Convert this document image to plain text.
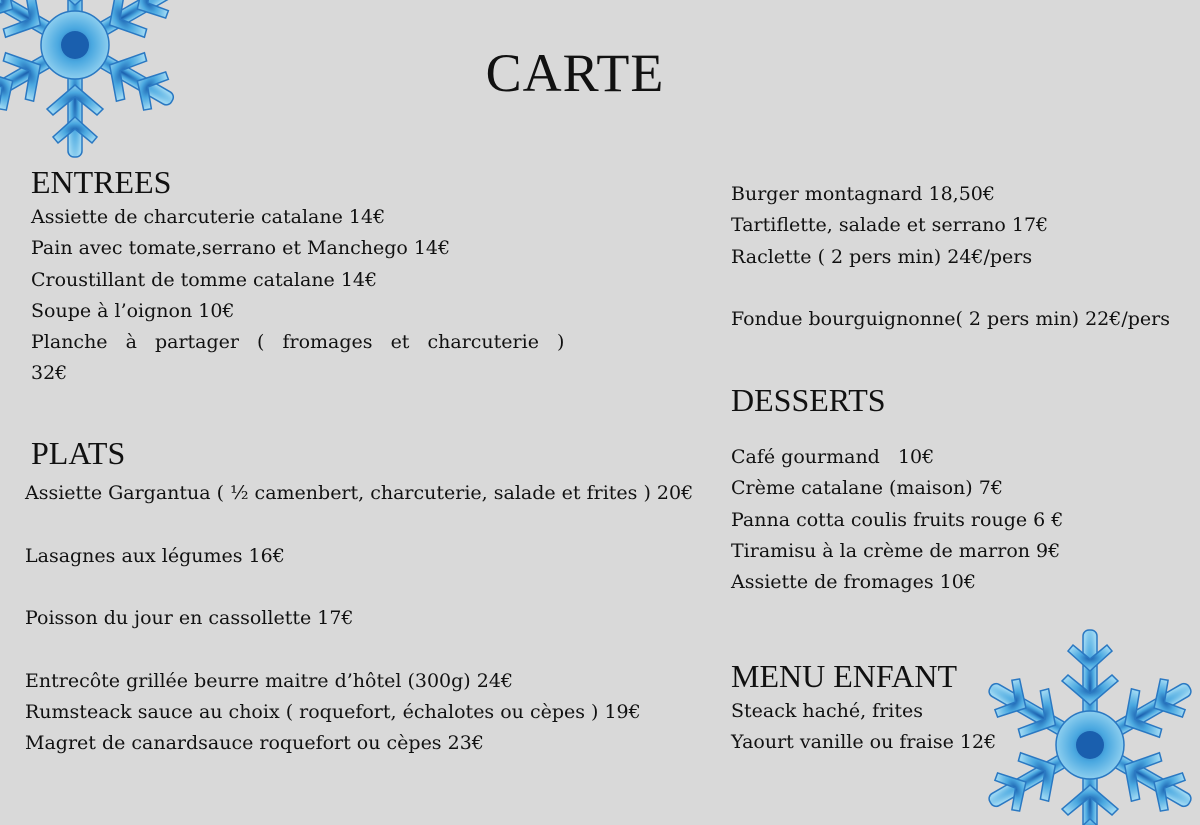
CARTE
ENTREES
Assiette de charcuterie catalane 14€
Pain avec tomate,serrano et Manchego 14€
Croustillant de tomme catalane 14€
Soupe à l’oignon 10€
Planche à partager ( fromages et charcuterie )
32€
PLATS
Assiette Gargantua ( ½ camenbert, charcuterie, salade et frites ) 20€
Lasagnes aux légumes 16€
Poisson du jour en cassollette 17€
Entrecôte grillée beurre maitre d’hôtel (300g) 24€
Rumsteack sauce au choix ( roquefort, échalotes ou cèpes ) 19€
Magret de canardsauce roquefort ou cèpes 23€
Burger montagnard 18,50€
Tartiflette, salade et serrano 17€
Raclette ( 2 pers min) 24€/pers
Fondue bourguignonne( 2 pers min) 22€/pers
DESSERTS
Café gourmand   10€
Crème catalane (maison) 7€
Panna cotta coulis fruits rouge 6 €
Tiramisu à la crème de marron 9€
Assiette de fromages 10€
MENU ENFANT
Steack haché, frites
Yaourt vanille ou fraise 12€
